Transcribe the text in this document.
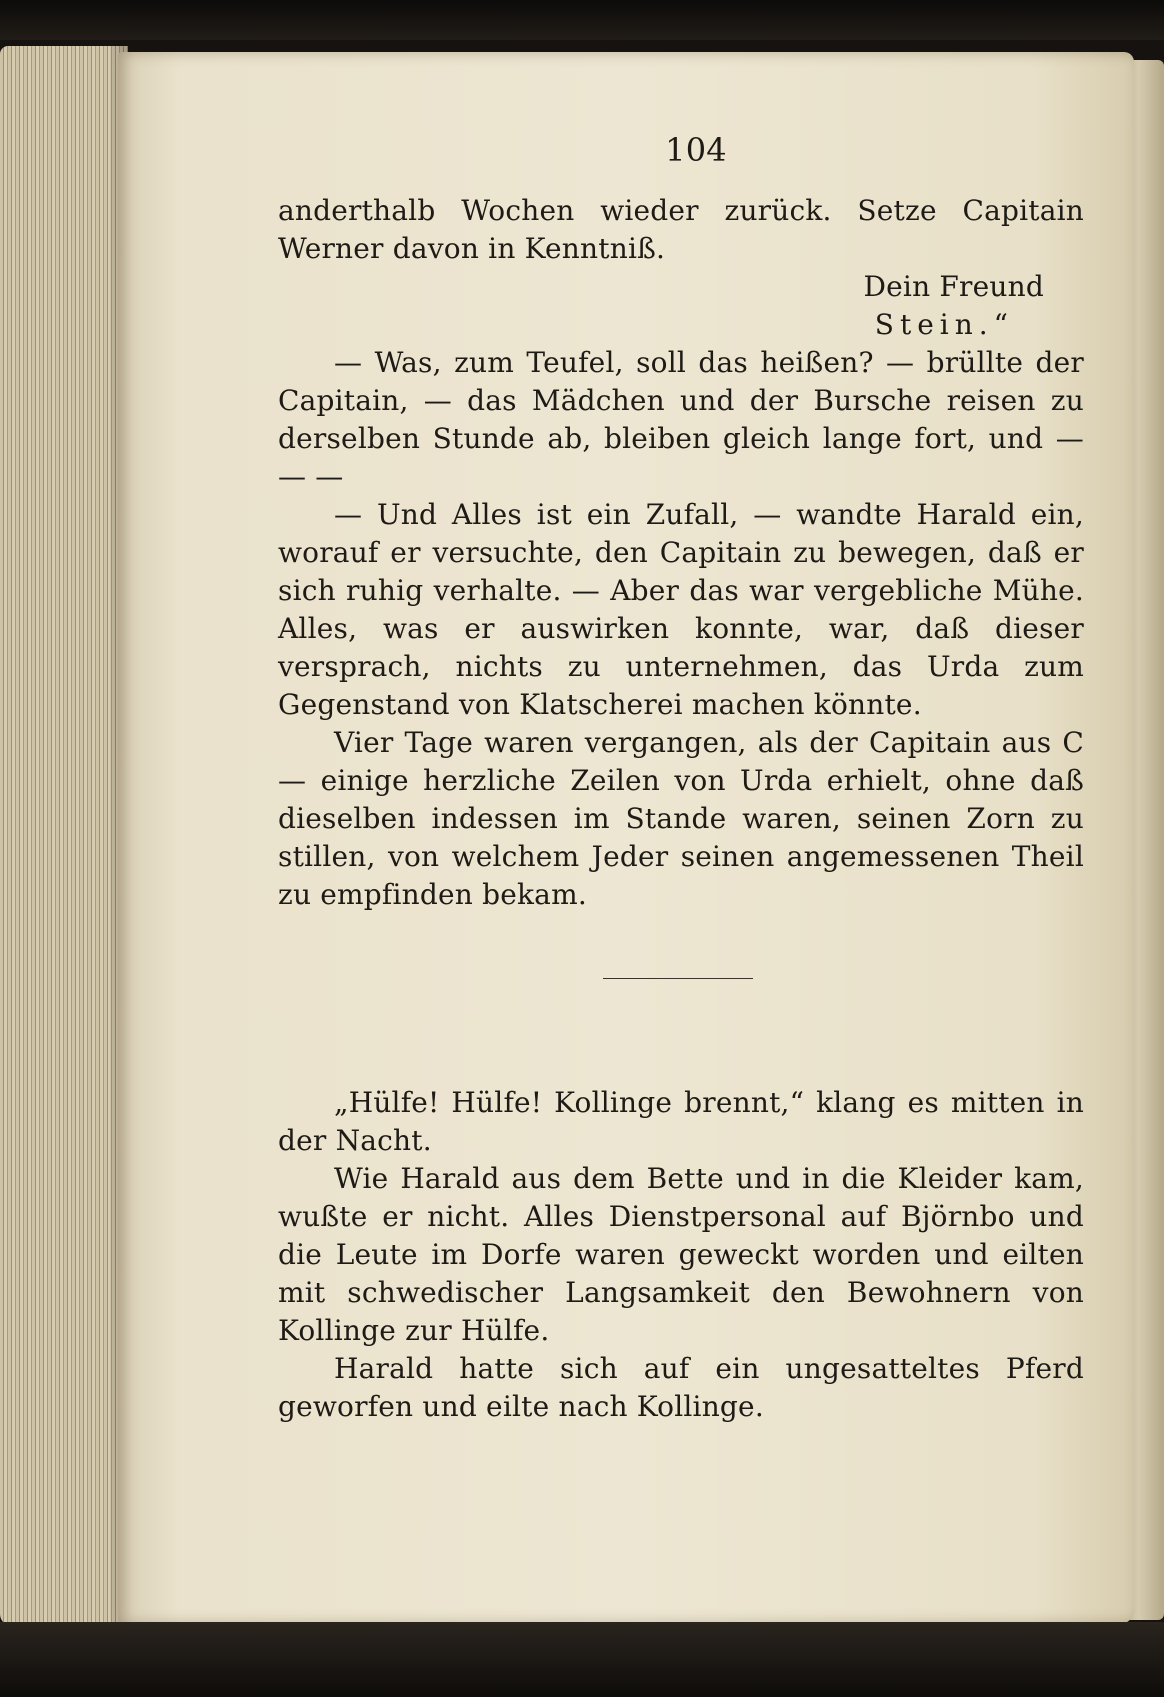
104

anderthalb Wochen wieder zurück. Setze Capitain Werner davon in Kenntniß.

Dein Freund

Stein.“

— Was, zum Teufel, soll das heißen? — brüllte der Capitain, — das Mädchen und der Bursche reisen zu derselben Stunde ab, bleiben gleich lange fort, und — — —

— Und Alles ist ein Zufall, — wandte Harald ein, worauf er versuchte, den Capitain zu bewegen, daß er sich ruhig verhalte. — Aber das war vergebliche Mühe. Alles, was er auswirken konnte, war, daß dieser versprach, nichts zu unternehmen, das Urda zum Gegenstand von Klatscherei machen könnte.

Vier Tage waren vergangen, als der Capitain aus C— einige herzliche Zeilen von Urda erhielt, ohne daß dieselben indessen im Stande waren, seinen Zorn zu stillen, von welchem Jeder seinen angemessenen Theil zu empfinden bekam.

„Hülfe! Hülfe! Kollinge brennt,“ klang es mitten in der Nacht.

Wie Harald aus dem Bette und in die Kleider kam, wußte er nicht. Alles Dienstpersonal auf Björnbo und die Leute im Dorfe waren geweckt worden und eilten mit schwedischer Langsamkeit den Bewohnern von Kollinge zur Hülfe.

Harald hatte sich auf ein ungesatteltes Pferd geworfen und eilte nach Kollinge.
